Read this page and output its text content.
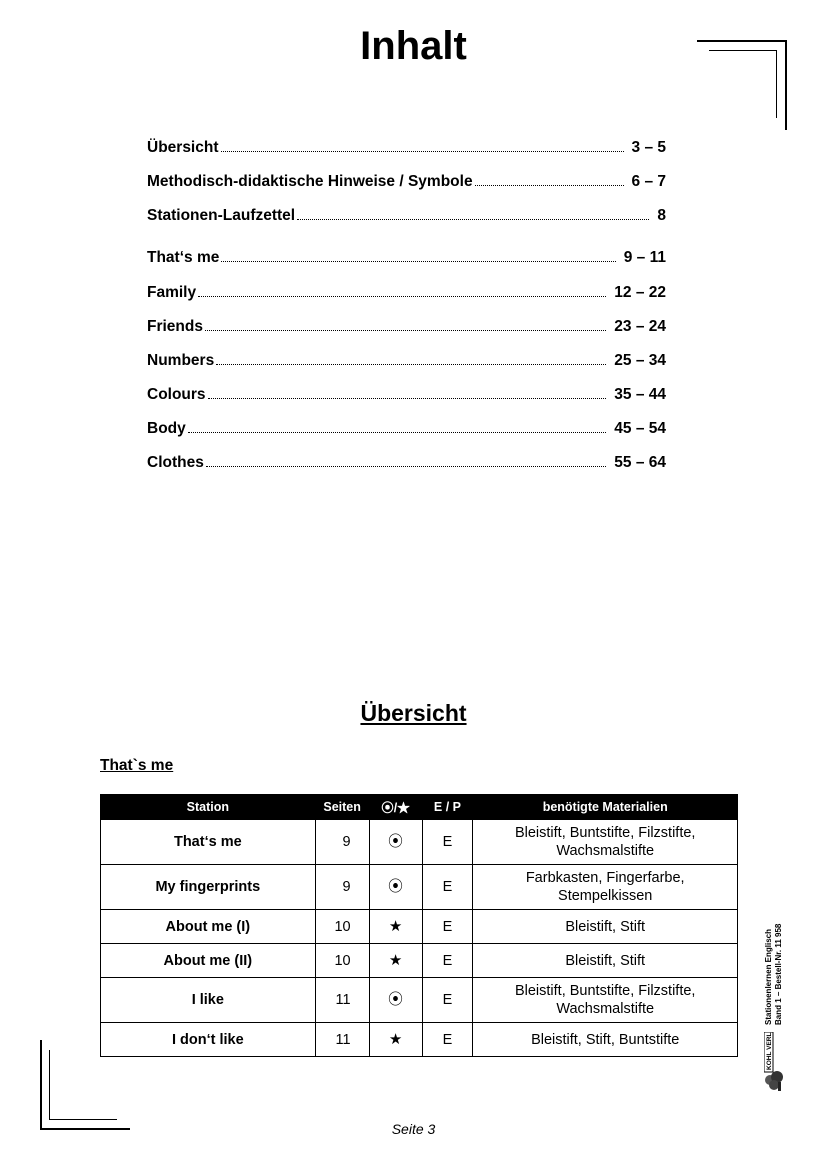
Inhalt
Übersicht	3 – 5
Methodisch-didaktische Hinweise / Symbole	6 – 7
Stationen-Laufzettel	8
That‘s me	9 – 11
Family	12 – 22
Friends	23 – 24
Numbers	25 – 34
Colours	35 – 44
Body	45 – 54
Clothes	55 – 64
Übersicht
That`s me
Station	Seiten	⦿/★	E / P	benötigte Materialien
That‘s me	9	⦿	E	Bleistift, Buntstifte, Filzstifte, Wachsmalstifte
My fingerprints	9	⦿	E	Farbkasten, Fingerfarbe, Stempelkissen
About me (I)	10	★	E	Bleistift, Stift
About me (II)	10	★	E	Bleistift, Stift
I like	11	⦿	E	Bleistift, Buntstifte, Filzstifte, Wachsmalstifte
I don‘t like	11	★	E	Bleistift, Stift, Buntstifte
Stationenlernen Englisch Band 1 – Bestell-Nr. 11 958
KOHL VERLAG
Seite 3
